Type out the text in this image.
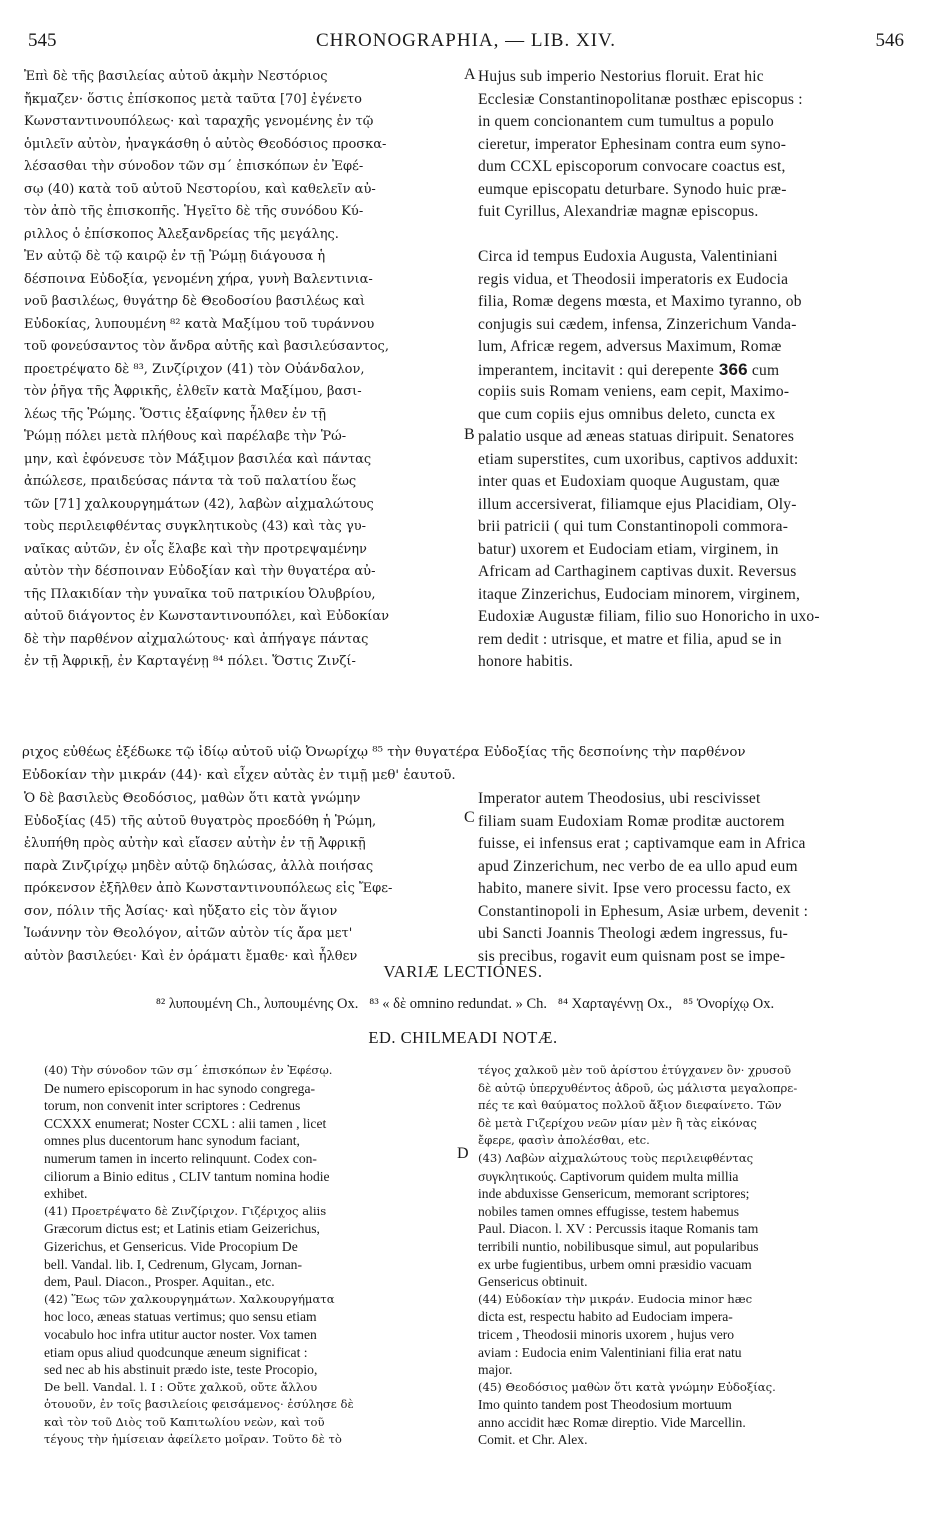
545	CHRONOGRAPHIA, — LIB. XIV.	546
Ἐπὶ δὲ τῆς βασιλείας αὐτοῦ ἀκμὴν Νεστόριος
ἤκμαζεν· ὅστις ἐπίσκοπος μετὰ ταῦτα [70] ἐγένετο
Κωνσταντινουπόλεως· καὶ ταραχῆς γενομένης ἐν τῷ
ὁμιλεῖν αὐτὸν, ἠναγκάσθη ὁ αὐτὸς Θεοδόσιος προσκα-
λέσασθαι τὴν σύνοδον τῶν σμ´ ἐπισκόπων ἐν Ἐφέ-
σῳ (40) κατὰ τοῦ αὐτοῦ Νεστορίου, καὶ καθελεῖν αὐ-
τὸν ἀπὸ τῆς ἐπισκοπῆς. Ἡγεῖτο δὲ τῆς συνόδου Κύ-
ριλλος ὁ ἐπίσκοπος Ἀλεξανδρείας τῆς μεγάλης.
Ἐν αὐτῷ δὲ τῷ καιρῷ ἐν τῇ Ῥώμῃ διάγουσα ἡ
δέσποινα Εὐδοξία, γενομένη χήρα, γυνὴ Βαλεντινια-
νοῦ βασιλέως, θυγάτηρ δὲ Θεοδοσίου βασιλέως καὶ
Εὐδοκίας, λυπουμένη ⁸² κατὰ Μαξίμου τοῦ τυράννου
τοῦ φονεύσαντος τὸν ἄνδρα αὐτῆς καὶ βασιλεύσαντος,
προετρέψατο δὲ ⁸³, Ζινζίριχον (41) τὸν Οὐάνδαλον,
τὸν ῥῆγα τῆς Ἀφρικῆς, ἐλθεῖν κατὰ Μαξίμου, βασι-
λέως τῆς Ῥώμης. Ὅστις ἐξαίφνης ἦλθεν ἐν τῇ
Ῥώμῃ πόλει μετὰ πλήθους καὶ παρέλαβε τὴν Ῥώ-
μην, καὶ ἐφόνευσε τὸν Μάξιμον βασιλέα καὶ πάντας
ἀπώλεσε, πραιδεύσας πάντα τὰ τοῦ παλατίου ἕως
τῶν [71] χαλκουργημάτων (42), λαβὼν αἰχμαλώτους
τοὺς περιλειφθέντας συγκλητικοὺς (43) καὶ τὰς γυ-
ναῖκας αὐτῶν, ἐν οἷς ἔλαβε καὶ τὴν προτρεψαμένην
αὐτὸν τὴν δέσποιναν Εὐδοξίαν καὶ τὴν θυγατέρα αὐ-
τῆς Πλακιδίαν τὴν γυναῖκα τοῦ πατρικίου Ὀλυβρίου,
αὐτοῦ διάγοντος ἐν Κωνσταντινουπόλει, καὶ Εὐδοκίαν
δὲ τὴν παρθένον αἰχμαλώτους· καὶ ἀπήγαγε πάντας
ἐν τῇ Ἀφρικῇ, ἐν Καρταγένῃ ⁸⁴ πόλει. Ὅστις Ζινζί-
Hujus sub imperio Nestorius floruit. Erat hic
Ecclesiæ Constantinopolitanæ posthæc episcopus :
in quem concionantem cum tumultus a populo
cieretur, imperator Ephesinam contra eum syno-
dum CCXL episcoporum convocare coactus est,
eumque episcopatu deturbare. Synodo huic præ-
fuit Cyrillus, Alexandriæ magnæ episcopus.
Circa id tempus Eudoxia Augusta, Valentiniani
regis vidua, et Theodosii imperatoris ex Eudocia
filia, Romæ degens mœsta, et Maximo tyranno, ob
conjugis sui cædem, infensa, Zinzerichum Vanda-
lum, Africæ regem, adversus Maximum, Romæ
imperantem, incitavit : qui derepente 366 cum
copiis suis Romam veniens, eam cepit, Maximo-
que cum copiis ejus omnibus deleto, cuncta ex
palatio usque ad æneas statuas diripuit. Senatores
etiam superstites, cum uxoribus, captivos adduxit:
inter quas et Eudoxiam quoque Augustam, quæ
illum accersiverat, filiamque ejus Placidiam, Oly-
brii patricii ( qui tum Constantinopoli commora-
batur) uxorem et Eudociam etiam, virginem, in
Africam ad Carthaginem captivas duxit. Reversus
itaque Zinzerichus, Eudociam minorem, virginem,
Eudoxiæ Augustæ filiam, filio suo Honoricho in uxo-
rem dedit : utrisque, et matre et filia, apud se in
honore habitis.
A
B
C
D
ριχος εὐθέως ἐξέδωκε τῷ ἰδίῳ αὐτοῦ υἱῷ Ὀνωρίχῳ ⁸⁵ τὴν θυγατέρα Εὐδοξίας τῆς δεσποίνης τὴν παρθένον
Εὐδοκίαν τὴν μικράν (44)· καὶ εἶχεν αὐτὰς ἐν τιμῇ μεθ' ἑαυτοῦ.
Ὁ δὲ βασιλεὺς Θεοδόσιος, μαθὼν ὅτι κατὰ γνώμην
Εὐδοξίας (45) τῆς αὐτοῦ θυγατρὸς προεδόθη ἡ Ῥώμη,
ἐλυπήθη πρὸς αὐτὴν καὶ εἴασεν αὐτὴν ἐν τῇ Ἀφρικῇ
παρὰ Ζινζιρίχῳ μηδὲν αὐτῷ δηλώσας, ἀλλὰ ποιήσας
πρόκενσον ἐξῆλθεν ἀπὸ Κωνσταντινουπόλεως εἰς Ἔφε-
σον, πόλιν τῆς Ἀσίας· καὶ ηὔξατο εἰς τὸν ἅγιον
Ἰωάννην τὸν Θεολόγον, αἰτῶν αὐτὸν τίς ἄρα μετ'
αὐτὸν βασιλεύει· Καὶ ἐν ὁράματι ἔμαθε· καὶ ἦλθεν
Imperator autem Theodosius, ubi rescivisset
filiam suam Eudoxiam Romæ proditæ auctorem
fuisse, ei infensus erat ; captivamque eam in Africa
apud Zinzerichum, nec verbo de ea ullo apud eum
habito, manere sivit. Ipse vero processu facto, ex
Constantinopoli in Ephesum, Asiæ urbem, devenit :
ubi Sancti Joannis Theologi ædem ingressus, fu-
sis precibus, rogavit eum quisnam post se impe-
VARIÆ LECTIONES.
⁸² λυπουμένη Ch., λυπουμένης Ox.   ⁸³ « δὲ omnino redundat. » Ch.   ⁸⁴ Χαρταγέννῃ Ox.,   ⁸⁵ Ὀνορίχῳ Ox.
ED. CHILMEADI NOTÆ.
(40) Τὴν σύνοδον τῶν σμ´ ἐπισκόπων ἐν Ἐφέσῳ.
De numero episcoporum in hac synodo congrega-
torum, non convenit inter scriptores : Cedrenus
CCXXX enumerat; Noster CCXL : alii tamen , licet
omnes plus ducentorum hanc synodum faciant,
numerum tamen in incerto relinquunt. Codex con-
ciliorum a Binio editus , CLIV tantum nomina hodie
exhibet.
(41) Προετρέψατο δὲ Ζινζίριχον. Γιζέριχος aliis
Græcorum dictus est; et Latinis etiam Geizerichus,
Gizerichus, et Gensericus. Vide Procopium De
bell. Vandal. lib. I, Cedrenum, Glycam, Jornan-
dem, Paul. Diacon., Prosper. Aquitan., etc.
(42) Ἕως τῶν χαλκουργημάτων. Χαλκουργήματα
hoc loco, æneas statuas vertimus; quo sensu etiam
vocabulo hoc infra utitur auctor noster. Vox tamen
etiam opus aliud quodcunque æneum significat :
sed nec ab his abstinuit prædo iste, teste Procopio,
De bell. Vandal. l. I : Οὔτε χαλκοῦ, οὔτε ἄλλου
ὁτουοῦν, ἐν τοῖς βασιλείοις φεισάμενος· ἐσύλησε δὲ
καὶ τὸν τοῦ Διὸς τοῦ Καπιτωλίου νεὼν, καὶ τοῦ
τέγους τὴν ἡμίσειαν ἀφείλετο μοῖραν. Τοῦτο δὲ τὸ
τέγος χαλκοῦ μὲν τοῦ ἀρίστου ἐτύγχανεν ὂν· χρυσοῦ
δὲ αὐτῷ ὑπερχυθέντος ἁδροῦ, ὡς μάλιστα μεγαλοπρε-
πές τε καὶ θαύματος πολλοῦ ἄξιον διεφαίνετο. Τῶν
δὲ μετὰ Γιζερίχου νεῶν μίαν μὲν ἣ τὰς εἰκόνας
ἔφερε, φασὶν ἀπολέσθαι, etc.
(43) Λαβὼν αἰχμαλώτους τοὺς περιλειφθέντας
συγκλητικούς. Captivorum quidem multa millia
inde abduxisse Gensericum, memorant scriptores;
nobiles tamen omnes effugisse, testem habemus
Paul. Diacon. l. XV : Percussis itaque Romanis tam
terribili nuntio, nobilibusque simul, aut popularibus
ex urbe fugientibus, urbem omni præsidio vacuam
Gensericus obtinuit.
(44) Εὐδοκίαν τὴν μικράν. Eudocia minor hæc
dicta est, respectu habito ad Eudociam impera-
tricem , Theodosii minoris uxorem , hujus vero
aviam : Eudocia enim Valentiniani filia erat natu
major.
(45) Θεοδόσιος μαθὼν ὅτι κατὰ γνώμην Εὐδοξίας.
Imo quinto tandem post Theodosium mortuum
anno accidit hæc Romæ direptio. Vide Marcellin.
Comit. et Chr. Alex.
